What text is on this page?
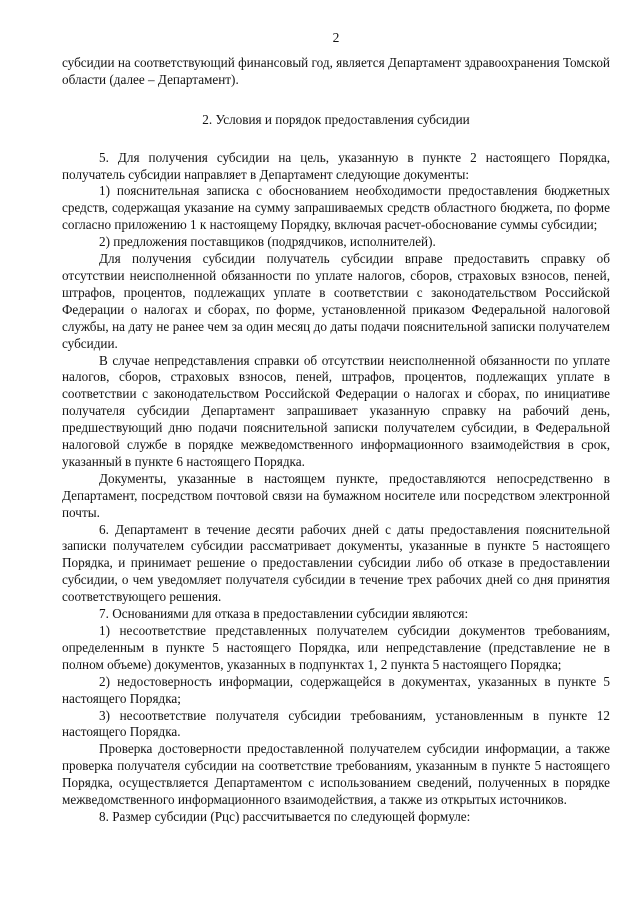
2

субсидии на соответствующий финансовый год, является Департамент здравоохранения Томской области (далее – Департамент).

2. Условия и порядок предоставления субсидии

5. Для получения субсидии на цель, указанную в пункте 2 настоящего Порядка, получатель субсидии направляет в Департамент следующие документы:

1) пояснительная записка с обоснованием необходимости предоставления бюджетных средств, содержащая указание на сумму запрашиваемых средств областного бюджета, по форме согласно приложению 1 к настоящему Порядку, включая расчет-обоснование суммы субсидии;

2) предложения поставщиков (подрядчиков, исполнителей).

Для получения субсидии получатель субсидии вправе предоставить справку об отсутствии неисполненной обязанности по уплате налогов, сборов, страховых взносов, пеней, штрафов, процентов, подлежащих уплате в соответствии с законодательством Российской Федерации о налогах и сборах, по форме, установленной приказом Федеральной налоговой службы, на дату не ранее чем за один месяц до даты подачи пояснительной записки получателем субсидии.

В случае непредставления справки об отсутствии неисполненной обязанности по уплате налогов, сборов, страховых взносов, пеней, штрафов, процентов, подлежащих уплате в соответствии с законодательством Российской Федерации о налогах и сборах, по инициативе получателя субсидии Департамент запрашивает указанную справку на рабочий день, предшествующий дню подачи пояснительной записки получателем субсидии, в Федеральной налоговой службе в порядке межведомственного информационного взаимодействия в срок, указанный в пункте 6 настоящего Порядка.

Документы, указанные в настоящем пункте, предоставляются непосредственно в Департамент, посредством почтовой связи на бумажном носителе или посредством электронной почты.

6. Департамент в течение десяти рабочих дней с даты предоставления пояснительной записки получателем субсидии рассматривает документы, указанные в пункте 5 настоящего Порядка, и принимает решение о предоставлении субсидии либо об отказе в предоставлении субсидии, о чем уведомляет получателя субсидии в течение трех рабочих дней со дня принятия соответствующего решения.

7. Основаниями для отказа в предоставлении субсидии являются:

1) несоответствие представленных получателем субсидии документов требованиям, определенным в пункте 5 настоящего Порядка, или непредставление (представление не в полном объеме) документов, указанных в подпунктах 1, 2 пункта 5 настоящего Порядка;

2) недостоверность информации, содержащейся в документах, указанных в пункте 5 настоящего Порядка;

3) несоответствие получателя субсидии требованиям, установленным в пункте 12 настоящего Порядка.

Проверка достоверности предоставленной получателем субсидии информации, а также проверка получателя субсидии на соответствие требованиям, указанным в пункте 5 настоящего Порядка, осуществляется Департаментом с использованием сведений, полученных в порядке межведомственного информационного взаимодействия, а также из открытых источников.

8. Размер субсидии (Рцс) рассчитывается по следующей формуле:
